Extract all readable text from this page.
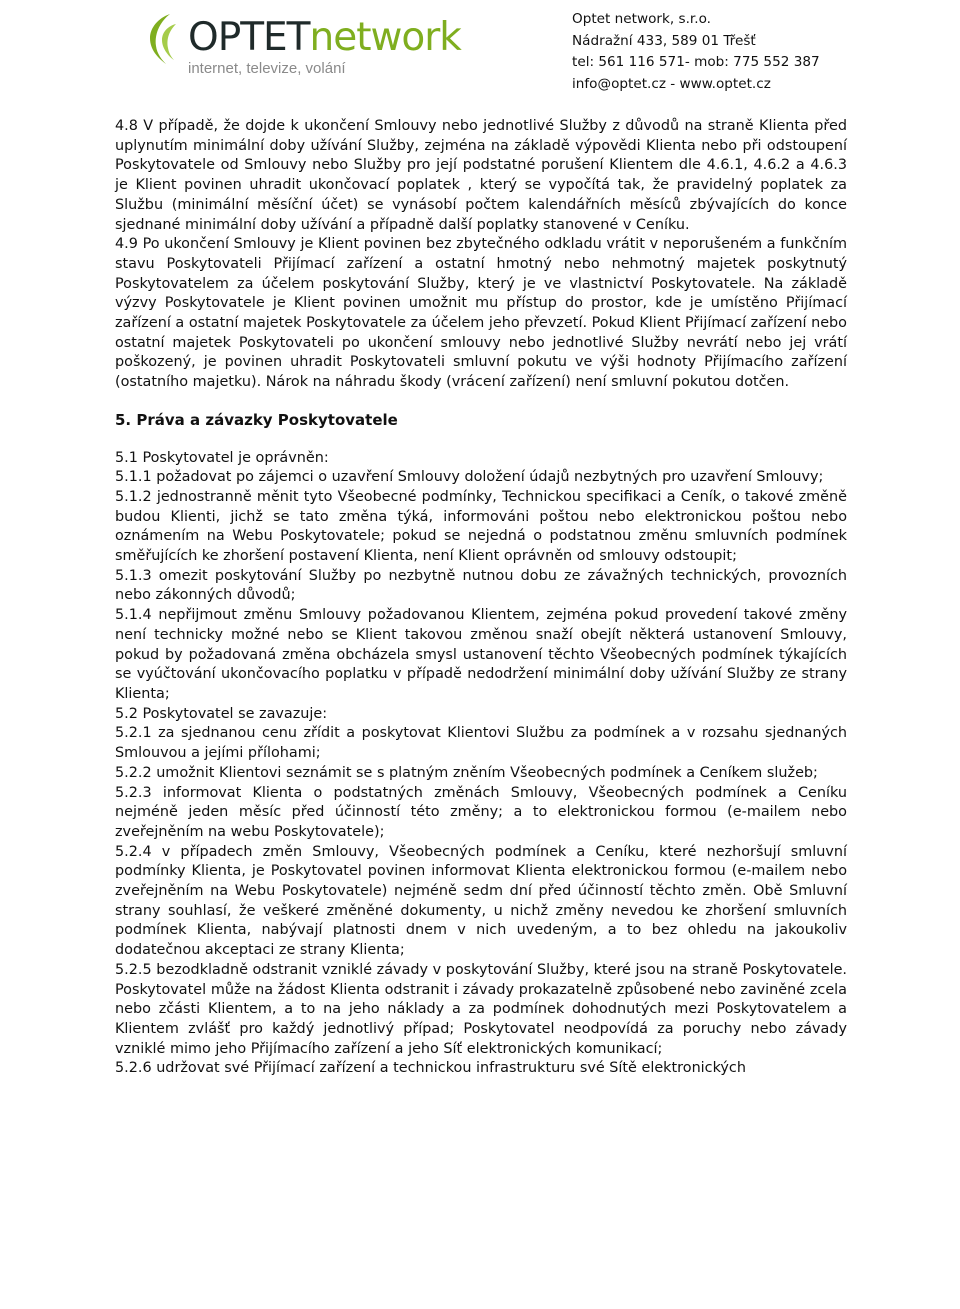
OPTETnetwork
internet, televize, volání
Optet network, s.r.o.
Nádražní 433, 589 01 Třešť
tel: 561 116 571- mob: 775 552 387
info@optet.cz - www.optet.cz

4.8 V případě, že dojde k ukončení Smlouvy nebo jednotlivé Služby z důvodů na straně Klienta před uplynutím minimální doby užívání Služby, zejména na základě výpovědi Klienta nebo při odstoupení Poskytovatele od Smlouvy nebo Služby pro její podstatné porušení Klientem dle 4.6.1, 4.6.2 a 4.6.3 je Klient povinen uhradit ukončovací poplatek , který se vypočítá tak, že pravidelný poplatek za Službu (minimální měsíční účet) se vynásobí počtem kalendářních měsíců zbývajících do konce sjednané minimální doby užívání a případně další poplatky stanovené v Ceníku.

4.9 Po ukončení Smlouvy je Klient povinen bez zbytečného odkladu vrátit v neporušeném a funkčním stavu Poskytovateli Přijímací zařízení a ostatní hmotný nebo nehmotný majetek poskytnutý Poskytovatelem za účelem poskytování Služby, který je ve vlastnictví Poskytovatele. Na základě výzvy Poskytovatele je Klient povinen umožnit mu přístup do prostor, kde je umístěno Přijímací zařízení a ostatní majetek Poskytovatele za účelem jeho převzetí. Pokud Klient Přijímací zařízení nebo ostatní majetek Poskytovateli po ukončení smlouvy nebo jednotlivé Služby nevrátí nebo jej vrátí poškozený, je povinen uhradit Poskytovateli smluvní pokutu ve výši hodnoty Přijímacího zařízení (ostatního majetku). Nárok na náhradu škody (vrácení zařízení) není smluvní pokutou dotčen.

5. Práva a závazky Poskytovatele

5.1 Poskytovatel je oprávněn:

5.1.1 požadovat po zájemci o uzavření Smlouvy doložení údajů nezbytných pro uzavření Smlouvy;

5.1.2 jednostranně měnit tyto Všeobecné podmínky, Technickou specifikaci a Ceník, o takové změně budou Klienti, jichž se tato změna týká, informováni poštou nebo elektronickou poštou nebo oznámením na Webu Poskytovatele; pokud se nejedná o podstatnou změnu smluvních podmínek směřujících ke zhoršení postavení Klienta, není Klient oprávněn od smlouvy odstoupit;

5.1.3 omezit poskytování Služby po nezbytně nutnou dobu ze závažných technických, provozních nebo zákonných důvodů;

5.1.4 nepřijmout změnu Smlouvy požadovanou Klientem, zejména pokud provedení takové změny není technicky možné nebo se Klient takovou změnou snaží obejít některá ustanovení Smlouvy, pokud by požadovaná změna obcházela smysl ustanovení těchto Všeobecných podmínek týkajících se vyúčtování ukončovacího poplatku v případě nedodržení minimální doby užívání Služby ze strany Klienta;

5.2 Poskytovatel se zavazuje:

5.2.1 za sjednanou cenu zřídit a poskytovat Klientovi Službu za podmínek a v rozsahu sjednaných Smlouvou a jejími přílohami;

5.2.2 umožnit Klientovi seznámit se s platným zněním Všeobecných podmínek a Ceníkem služeb;

5.2.3 informovat Klienta o podstatných změnách Smlouvy, Všeobecných podmínek a Ceníku nejméně jeden měsíc před účinností této změny; a to elektronickou formou (e-mailem nebo zveřejněním na webu Poskytovatele);

5.2.4 v případech změn Smlouvy, Všeobecných podmínek a Ceníku, které nezhoršují smluvní podmínky Klienta, je Poskytovatel povinen informovat Klienta elektronickou formou (e-mailem nebo zveřejněním na Webu Poskytovatele) nejméně sedm dní před účinností těchto změn. Obě Smluvní strany souhlasí, že veškeré změněné dokumenty, u nichž změny nevedou ke zhoršení smluvních podmínek Klienta, nabývají platnosti dnem v nich uvedeným, a to bez ohledu na jakoukoliv dodatečnou akceptaci ze strany Klienta;

5.2.5 bezodkladně odstranit vzniklé závady v poskytování Služby, které jsou na straně Poskytovatele. Poskytovatel může na žádost Klienta odstranit i závady prokazatelně způsobené nebo zaviněné zcela nebo zčásti Klientem, a to na jeho náklady a za podmínek dohodnutých mezi Poskytovatelem a Klientem zvlášť pro každý jednotlivý případ; Poskytovatel neodpovídá za poruchy nebo závady vzniklé mimo jeho Přijímacího zařízení a jeho Síť elektronických komunikací;

5.2.6 udržovat své Přijímací zařízení a technickou infrastrukturu své Sítě elektronických
